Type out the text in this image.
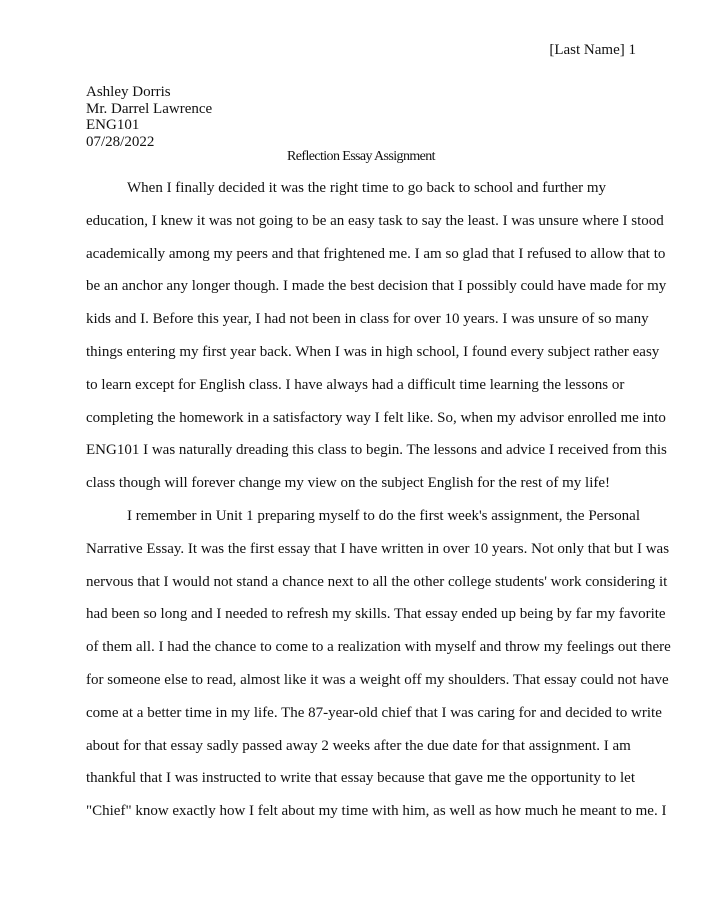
[Last Name] 1
Ashley Dorris
Mr. Darrel Lawrence
ENG101
07/28/2022
Reflection Essay Assignment
When I finally decided it was the right time to go back to school and further my
education, I knew it was not going to be an easy task to say the least. I was unsure where I stood
academically among my peers and that frightened me. I am so glad that I refused to allow that to
be an anchor any longer though. I made the best decision that I possibly could have made for my
kids and I. Before this year, I had not been in class for over 10 years. I was unsure of so many
things entering my first year back. When I was in high school, I found every subject rather easy
to learn except for English class. I have always had a difficult time learning the lessons or
completing the homework in a satisfactory way I felt like. So, when my advisor enrolled me into
ENG101 I was naturally dreading this class to begin. The lessons and advice I received from this
class though will forever change my view on the subject English for the rest of my life!
I remember in Unit 1 preparing myself to do the first week's assignment, the Personal
Narrative Essay. It was the first essay that I have written in over 10 years. Not only that but I was
nervous that I would not stand a chance next to all the other college students' work considering it
had been so long and I needed to refresh my skills. That essay ended up being by far my favorite
of them all. I had the chance to come to a realization with myself and throw my feelings out there
for someone else to read, almost like it was a weight off my shoulders. That essay could not have
come at a better time in my life. The 87-year-old chief that I was caring for and decided to write
about for that essay sadly passed away 2 weeks after the due date for that assignment. I am
thankful that I was instructed to write that essay because that gave me the opportunity to let
"Chief" know exactly how I felt about my time with him, as well as how much he meant to me. I
